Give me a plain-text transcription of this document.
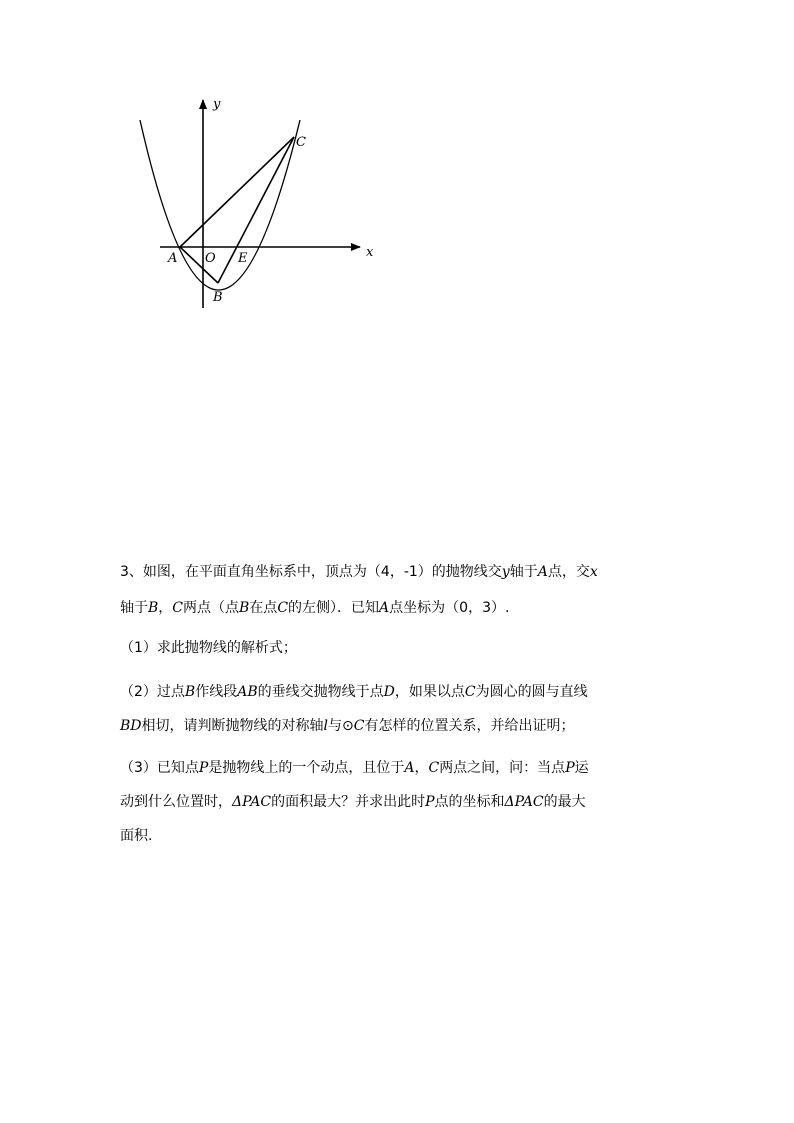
y
x
C
A O E
B
3、如图，在平面直角坐标系中，顶点为（4，-1）的抛物线交y轴于A点，交x
轴于B，C两点（点B在点C的左侧）．已知A点坐标为（0，3）.
（1）求此抛物线的解析式；
（2）过点B作线段AB的垂线交抛物线于点D，如果以点C为圆心的圆与直线
BD相切，请判断抛物线的对称轴l与⊙C有怎样的位置关系，并给出证明；
（3）已知点P是抛物线上的一个动点，且位于A，C两点之间，问：当点P运
动到什么位置时，ΔPAC的面积最大？并求出此时P点的坐标和ΔPAC的最大
面积.
